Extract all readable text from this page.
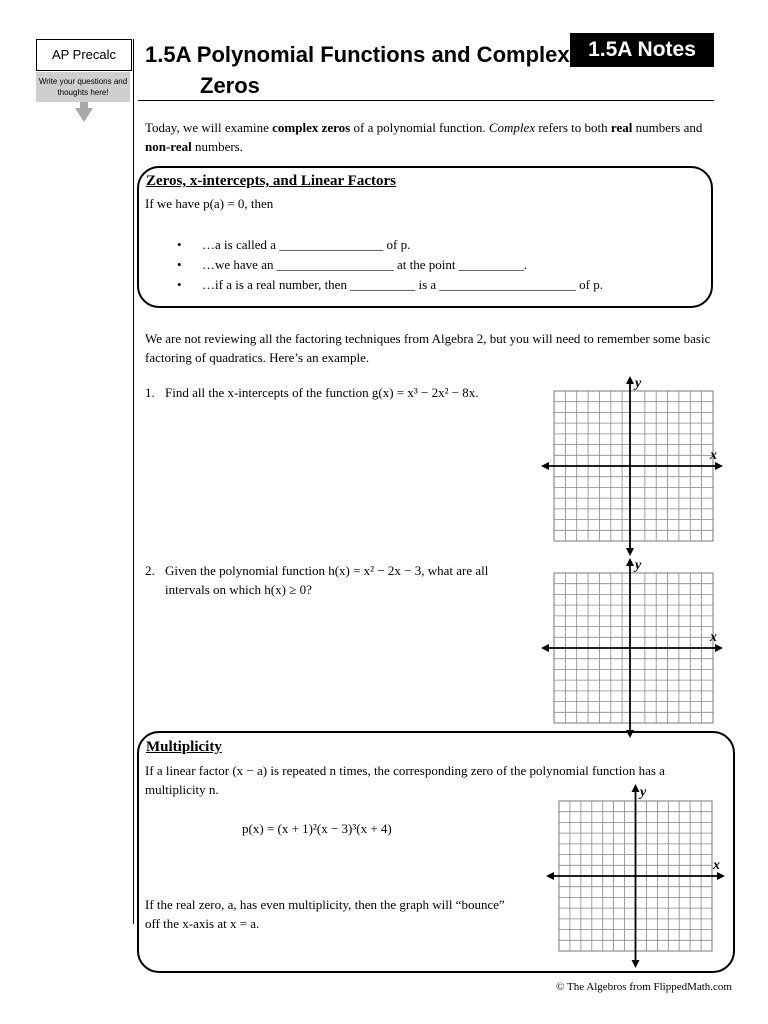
AP Precalc
Write your questions and thoughts here!
1.5A Polynomial Functions and Complex
Zeros
1.5A Notes
Today, we will examine complex zeros of a polynomial function. Complex refers to both real numbers and non-real numbers.
Zeros, x-intercepts, and Linear Factors
If we have p(a) = 0, then
• …a is called a ________________ of p.
• …we have an __________________ at the point __________.
• …if a is a real number, then __________ is a _____________________ of p.
We are not reviewing all the factoring techniques from Algebra 2, but you will need to remember some basic factoring of quadratics. Here’s an example.
1. Find all the x-intercepts of the function g(x) = x³ − 2x² − 8x.
y
x
2. Given the polynomial function h(x) = x² − 2x − 3, what are all intervals on which h(x) ≥ 0?
y
x
Multiplicity
If a linear factor (x − a) is repeated n times, the corresponding zero of the polynomial function has a multiplicity n.
p(x) = (x + 1)²(x − 3)³(x + 4)
If the real zero, a, has even multiplicity, then the graph will “bounce” off the x-axis at x = a.
y
x
© The Algebros from FlippedMath.com
